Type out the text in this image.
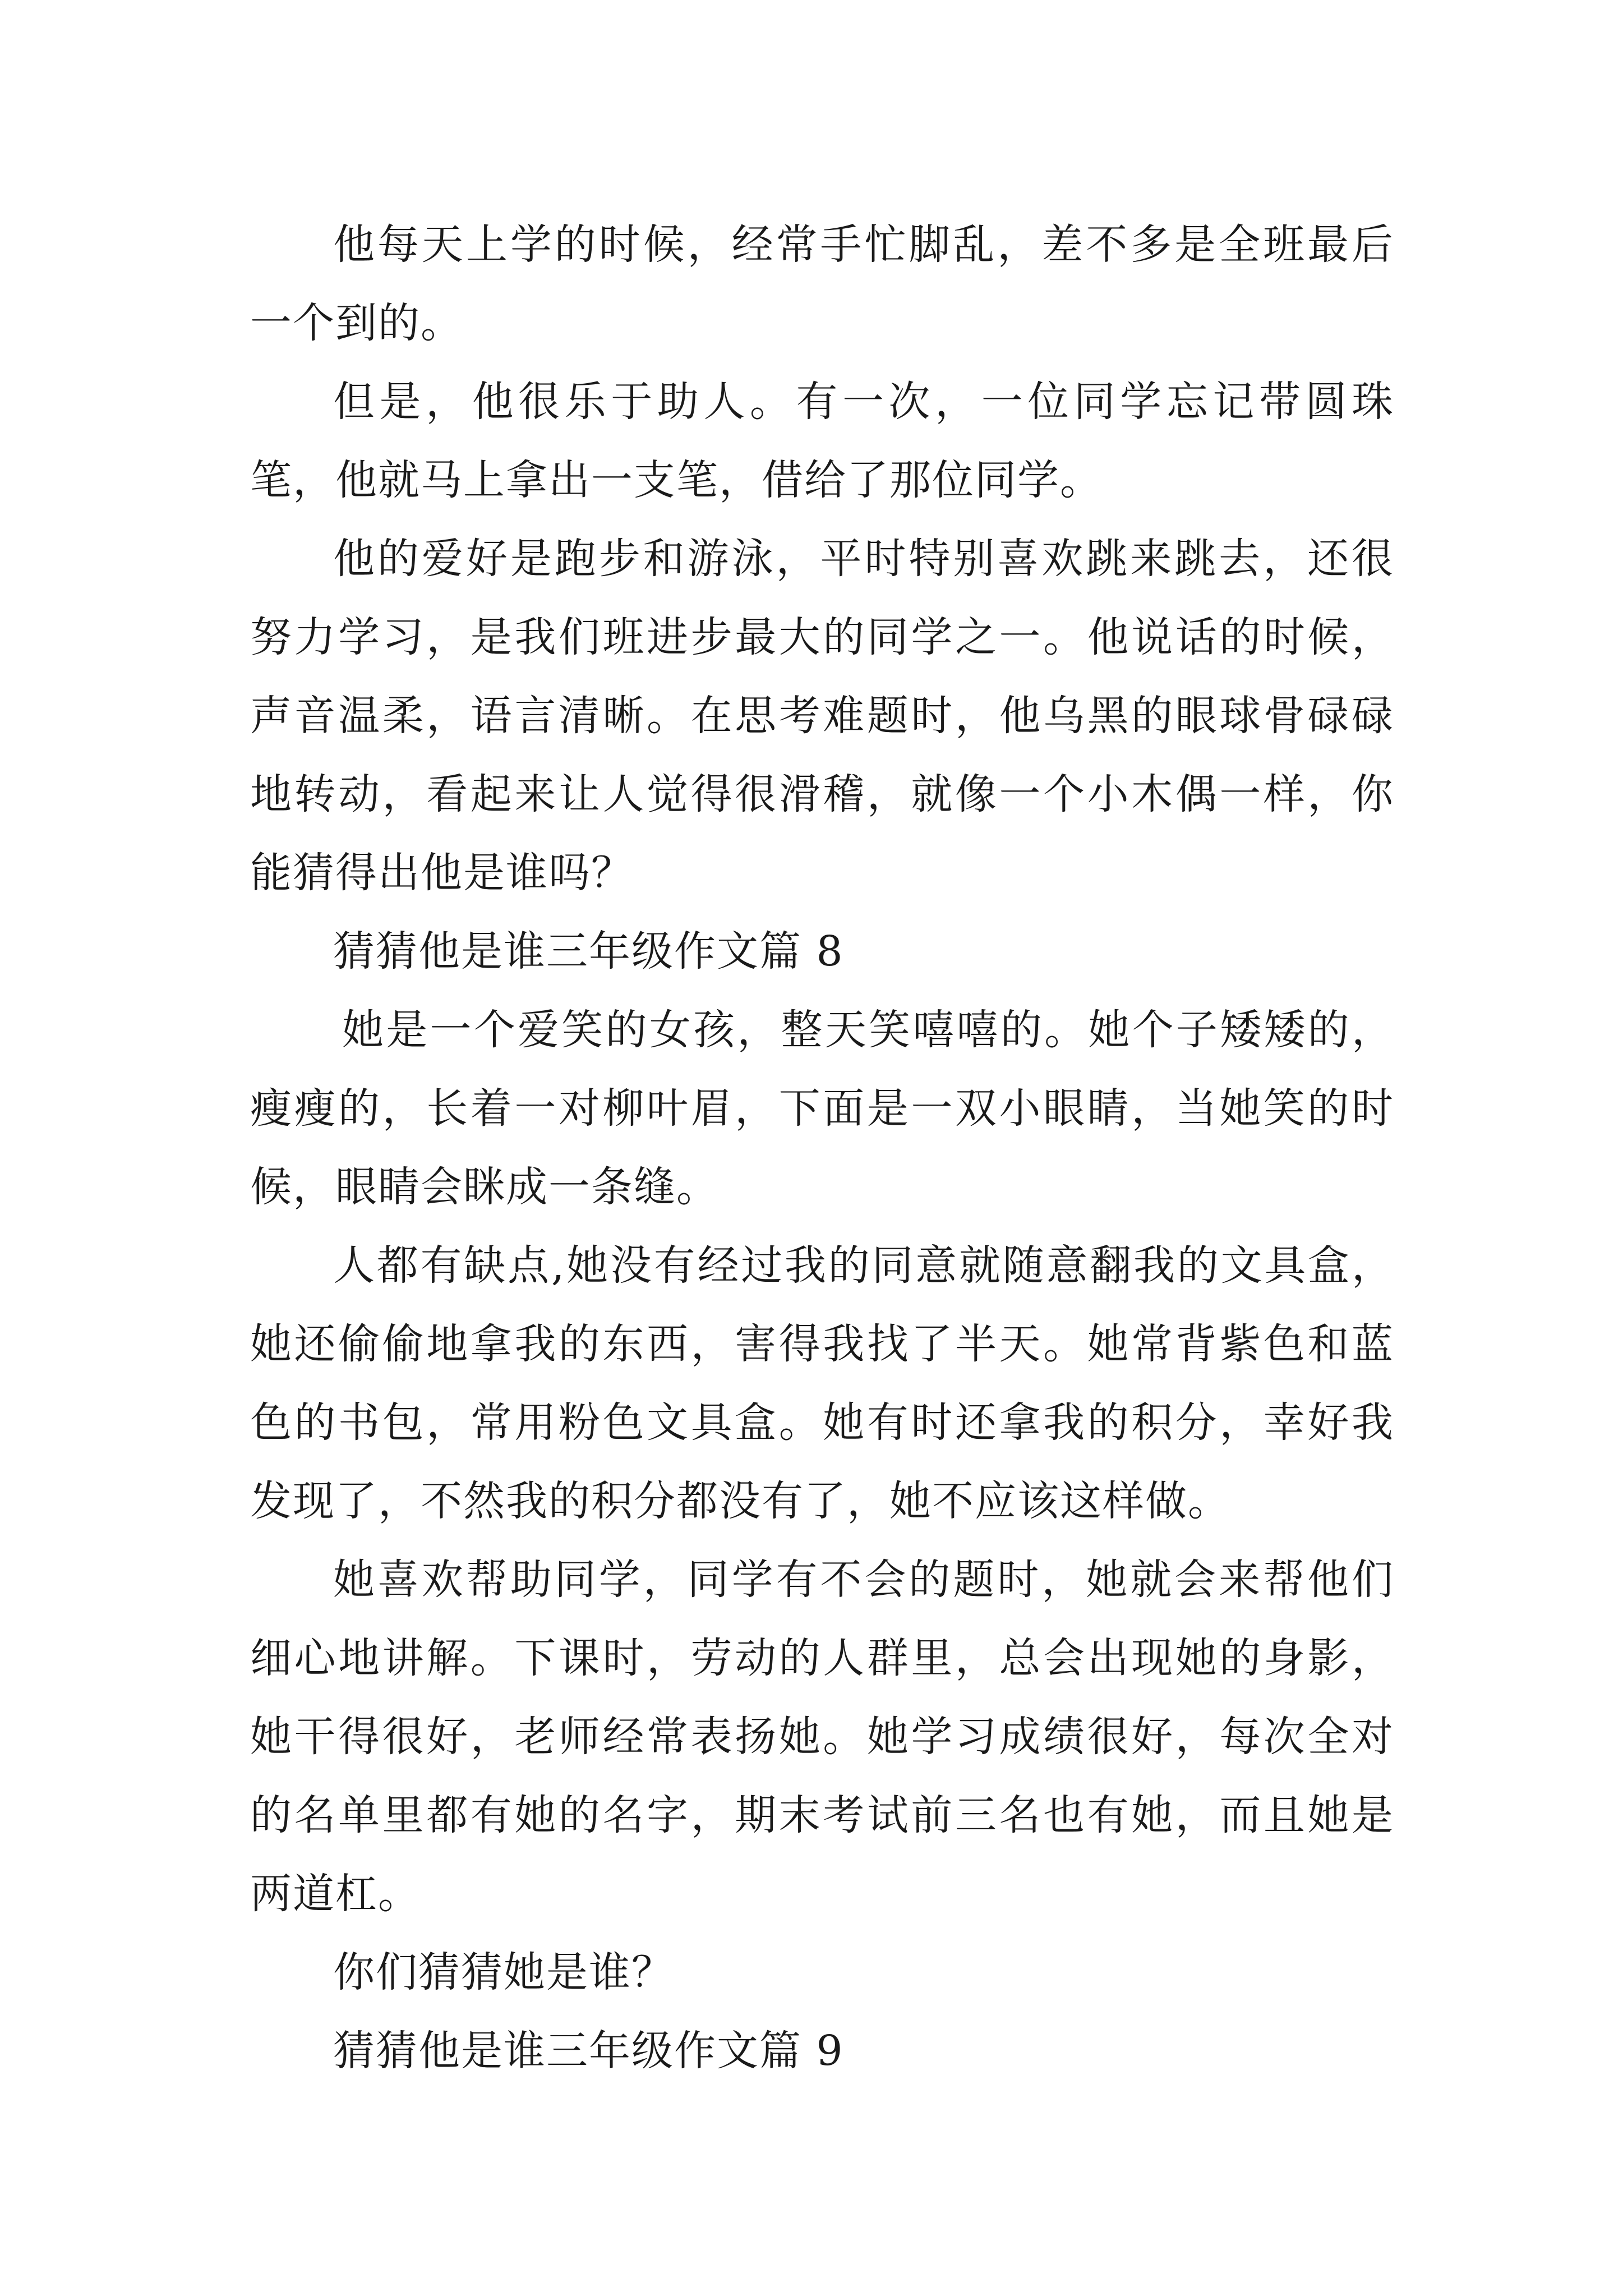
他每天上学的时候，经常手忙脚乱，差不多是全班最后一个到的。

但是，他很乐于助人。有一次，一位同学忘记带圆珠笔，他就马上拿出一支笔，借给了那位同学。

他的爱好是跑步和游泳，平时特别喜欢跳来跳去，还很努力学习，是我们班进步最大的同学之一。他说话的时候，声音温柔，语言清晰。在思考难题时，他乌黑的眼球骨碌碌地转动，看起来让人觉得很滑稽，就像一个小木偶一样，你能猜得出他是谁吗？

猜猜他是谁三年级作文篇 8

她是一个爱笑的女孩，整天笑嘻嘻的。她个子矮矮的，瘦瘦的，长着一对柳叶眉，下面是一双小眼睛，当她笑的时候，眼睛会眯成一条缝。

人都有缺点,她没有经过我的同意就随意翻我的文具盒，她还偷偷地拿我的东西，害得我找了半天。她常背紫色和蓝色的书包，常用粉色文具盒。她有时还拿我的积分，幸好我发现了，不然我的积分都没有了，她不应该这样做。

她喜欢帮助同学，同学有不会的题时，她就会来帮他们细心地讲解。下课时，劳动的人群里，总会出现她的身影，她干得很好，老师经常表扬她。她学习成绩很好，每次全对的名单里都有她的名字，期末考试前三名也有她，而且她是两道杠。

你们猜猜她是谁？

猜猜他是谁三年级作文篇 9
